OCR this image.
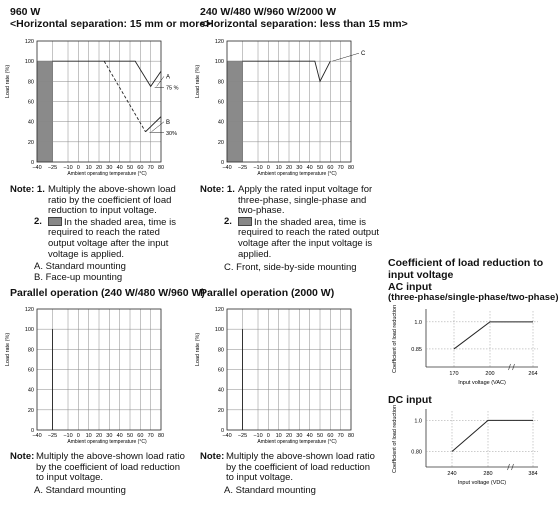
960 W
<Horizontal separation: 15 mm or more>
Load rate (%)
0
20
40
60
80
100
120
−40 −25 −10 0 10 20 30 40 50 60 70 80
Ambient operating temperature (°C)
A
75 %
B
30%
Note: 1. Multiply the above-shown load ratio by the coefficient of load reduction to input voltage.
2.	In the shaded area, time is required to reach the rated output voltage after the input voltage is applied.
A. Standard mounting
B. Face-up mounting
240 W/480 W/960 W/2000 W
<Horizontal separation: less than 15 mm>
Load rate (%)
0
20
40
60
80
100
120
−40 −25 −10 0 10 20 30 40 50 60 70 80
Ambient operating temperature (°C)
C
Note: 1. Apply the rated input voltage for three-phase, single-phase and two-phase.
2.	In the shaded area, time is required to reach the rated output voltage after the input voltage is applied.
C. Front, side-by-side mounting
Parallel operation (240 W/480 W/960 W)
Load rate (%)
0
20
40
60
80
100
120
−40 −25 −10 0 10 20 30 40 50 60 70 80
Ambient operating temperature (°C)
Note: Multiply the above-shown load ratio by the coefficient of load reduction to input voltage.
A. Standard mounting
Parallel operation (2000 W)
Load rate (%)
0
20
40
60
80
100
120
−40 −25 −10 0 10 20 30 40 50 60 70 80
Ambient operating temperature (°C)
Note: Multiply the above-shown load ratio by the coefficient of load reduction to input voltage.
A. Standard mounting
Coefficient of load reduction to input voltage
AC input
(three-phase/single-phase/two-phase)
Coefficient of load reduction 0.85
1.0
170	200	264
Input voltage (VAC)
DC input
Coefficient of load reduction 0.80
1.0
240	280	384
Input voltage (VDC)
